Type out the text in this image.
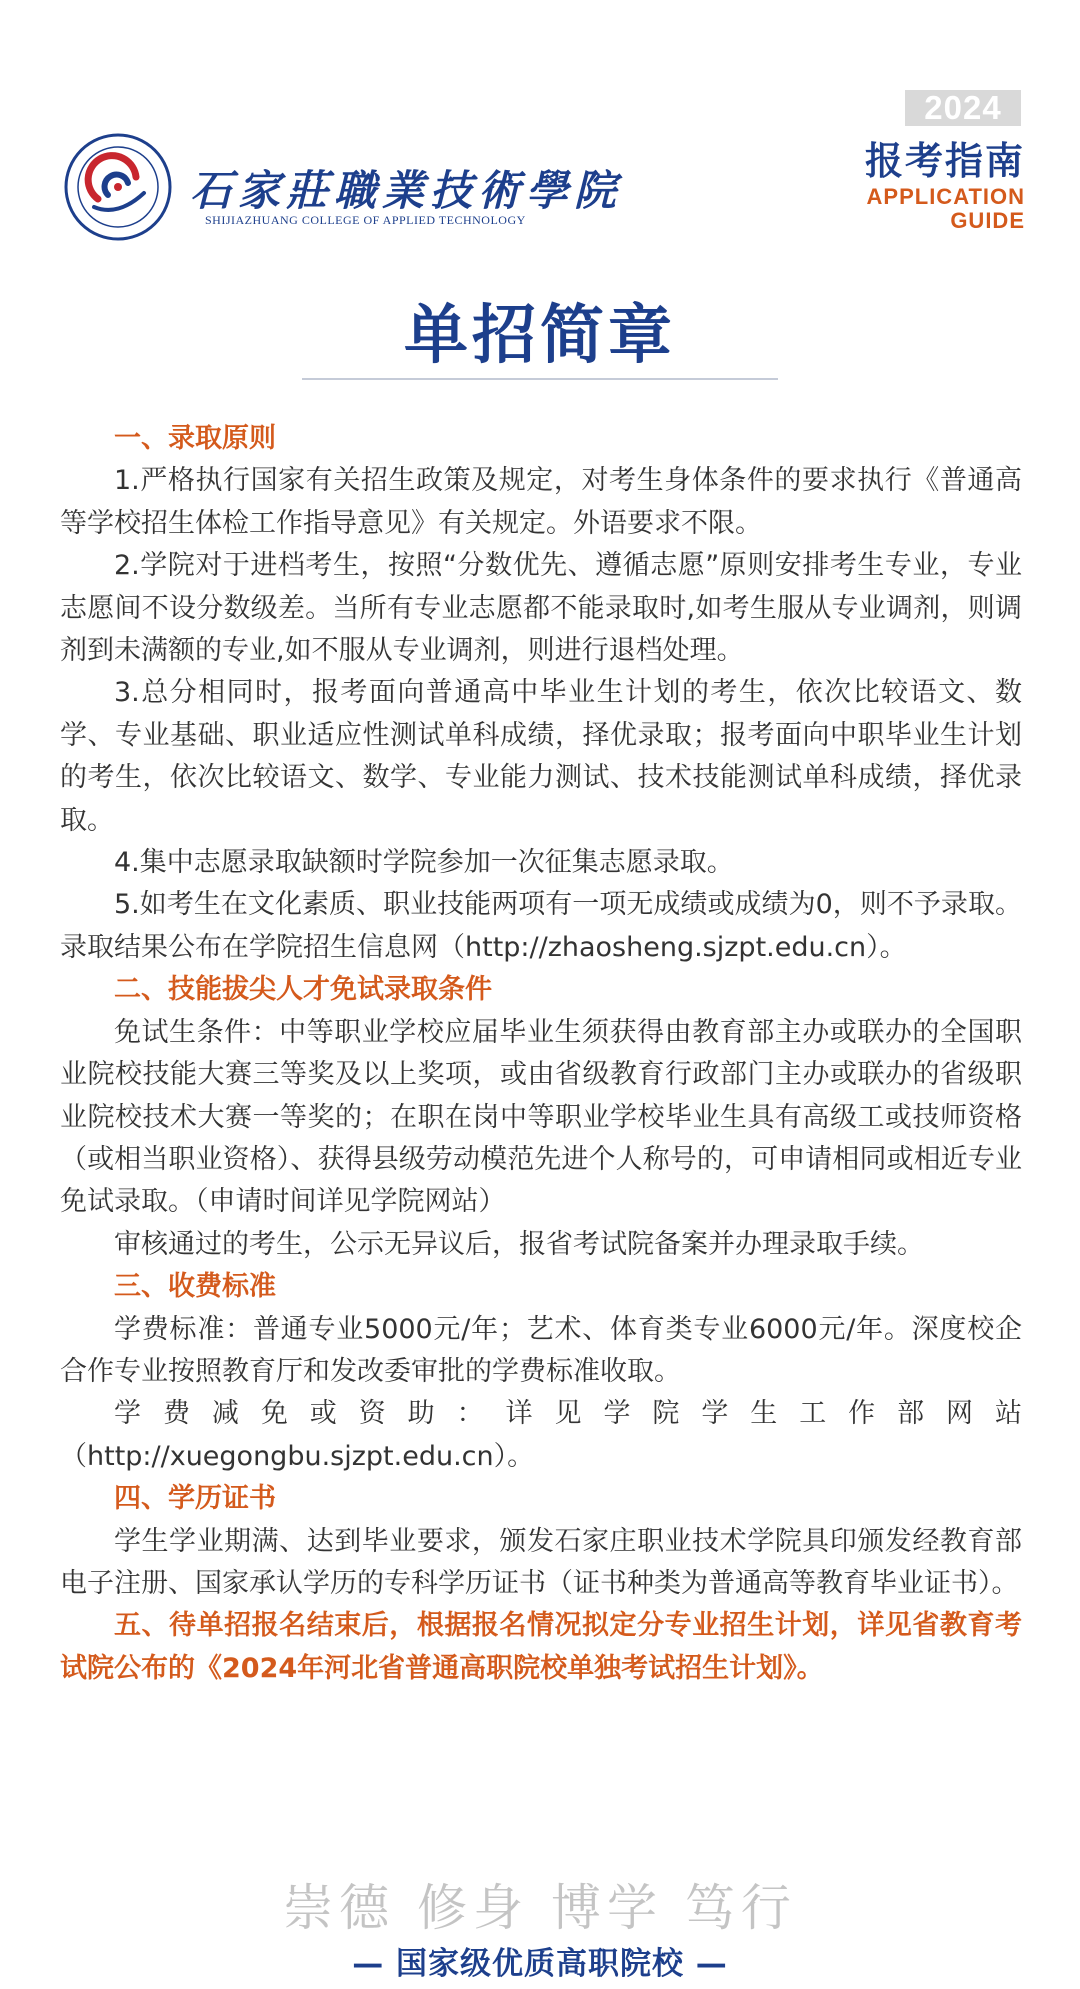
石家莊職業技術學院
SHIJIAZHUANG COLLEGE OF APPLIED TECHNOLOGY
2024
报考指南
APPLICATION
GUIDE
单招简章
一、录取原则

1.严格执行国家有关招生政策及规定，对考生身体条件的要求执行《普通高等学校招生体检工作指导意见》有关规定。外语要求不限。

2.学院对于进档考生，按照“分数优先、遵循志愿”原则安排考生专业，专业志愿间不设分数级差。当所有专业志愿都不能录取时,如考生服从专业调剂，则调剂到未满额的专业,如不服从专业调剂，则进行退档处理。

3.总分相同时，报考面向普通高中毕业生计划的考生，依次比较语文、数学、专业基础、职业适应性测试单科成绩，择优录取；报考面向中职毕业生计划的考生，依次比较语文、数学、专业能力测试、技术技能测试单科成绩，择优录取。

4.集中志愿录取缺额时学院参加一次征集志愿录取。

5.如考生在文化素质、职业技能两项有一项无成绩或成绩为0，则不予录取。录取结果公布在学院招生信息网（http://zhaosheng.sjzpt.edu.cn）。

二、技能拔尖人才免试录取条件

免试生条件：中等职业学校应届毕业生须获得由教育部主办或联办的全国职业院校技能大赛三等奖及以上奖项，或由省级教育行政部门主办或联办的省级职业院校技术大赛一等奖的；在职在岗中等职业学校毕业生具有高级工或技师资格（或相当职业资格）、获得县级劳动模范先进个人称号的，可申请相同或相近专业免试录取。（申请时间详见学院网站）

审核通过的考生，公示无异议后，报省考试院备案并办理录取手续。

三、收费标准

学费标准：普通专业5000元/年；艺术、体育类专业6000元/年。深度校企合作专业按照教育厅和发改委审批的学费标准收取。

学费减免或资助：详见学院学生工作部网站

（http://xuegongbu.sjzpt.edu.cn）。

四、学历证书

学生学业期满、达到毕业要求，颁发石家庄职业技术学院具印颁发经教育部电子注册、国家承认学历的专科学历证书（证书种类为普通高等教育毕业证书）。

五、待单招报名结束后，根据报名情况拟定分专业招生计划，详见省教育考试院公布的《2024年河北省普通高职院校单独考试招生计划》。

崇德 修身 博学 笃行
— 国家级优质高职院校 —
